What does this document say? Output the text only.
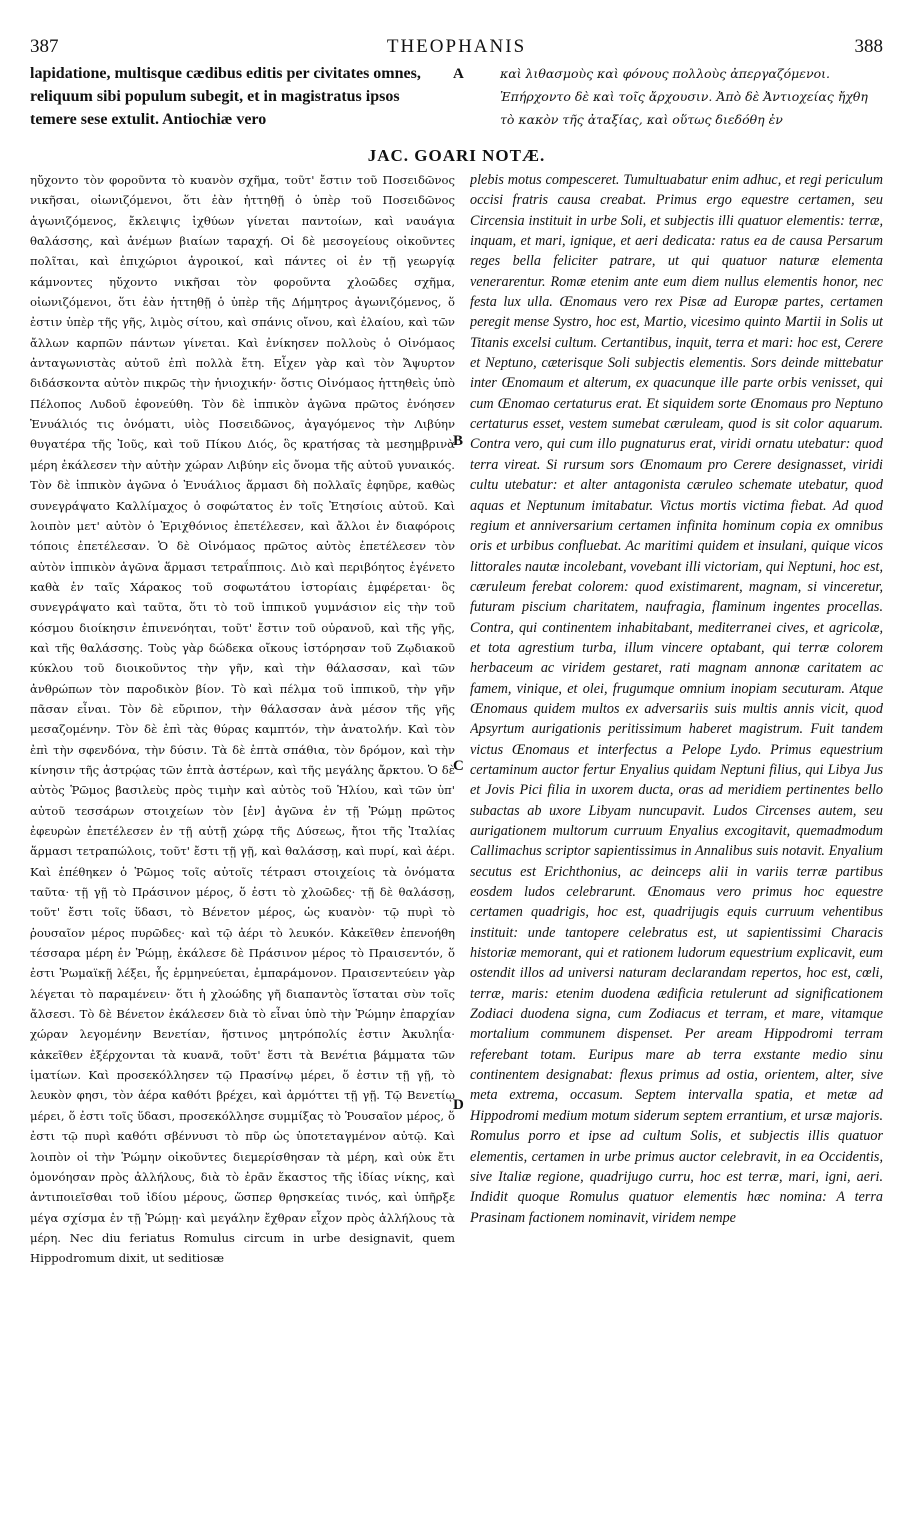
387	THEOPHANIS	388
lapidatione, multisque cædibus editis per civitates omnes, reliquum sibi populum subegit, et in magistratus ipsos temere sese extulit. Antiochiæ vero
καὶ λιθασμοὺς καὶ φόνους πολλοὺς ἀπεργαζόμενοι. Ἐπήρχοντο δὲ καὶ τοῖς ἄρχουσιν. Ἀπὸ δὲ Ἀντιοχείας ἤχθη τὸ κακὸν τῆς ἀταξίας, καὶ οὕτως διεδόθη ἐν
A
B
C
D
JAC. GOARI NOTÆ.
ηὔχοντο τὸν φοροῦντα τὸ κυανὸν σχῆμα, τοῦτ' ἔστιν τοῦ Ποσειδῶνος νικῆσαι, οἰωνιζόμενοι, ὅτι ἐὰν ἡττηθῇ ὁ ὑπὲρ τοῦ Ποσειδῶνος ἀγωνιζόμενος, ἔκλειψις ἰχθύων γίνεται παντοίων, καὶ ναυάγια θαλάσσης, καὶ ἀνέμων βιαίων ταραχή. Οἱ δὲ μεσογείους οἰκοῦντες πολῖται, καὶ ἐπιχώριοι ἀγροικοί, καὶ πάντες οἱ ἐν τῇ γεωργίᾳ κάμνοντες ηὔχοντο νικῆσαι τὸν φοροῦντα χλοῶδες σχῆμα, οἰωνιζόμενοι, ὅτι ἐὰν ἡττηθῇ ὁ ὑπὲρ τῆς Δήμητρος ἀγωνιζόμενος, ὅ ἐστιν ὑπὲρ τῆς γῆς, λιμὸς σίτου, καὶ σπάνις οἴνου, καὶ ἐλαίου, καὶ τῶν ἄλλων καρπῶν πάντων γίνεται. Καὶ ἐνίκησεν πολλοὺς ὁ Οἰνόμαος ἀνταγωνιστὰς αὐτοῦ ἐπὶ πολλὰ ἔτη. Εἶχεν γὰρ καὶ τὸν Ἄψυρτον διδάσκοντα αὐτὸν πικρῶς τὴν ἡνιοχικήν· ὅστις Οἰνόμαος ἡττηθεὶς ὑπὸ Πέλοπος Λυδοῦ ἐφονεύθη. Τὸν δὲ ἱππικὸν ἀγῶνα πρῶτος ἐνόησεν Ἐνυάλιός τις ὀνόματι, υἱὸς Ποσειδῶνος, ἀγαγόμενος τὴν Λιβύην θυγατέρα τῆς Ἰοῦς, καὶ τοῦ Πίκου Διός, ὃς κρατήσας τὰ μεσημβρινὰ μέρη ἐκάλεσεν τὴν αὐτὴν χώραν Λιβύην εἰς ὄνομα τῆς αὐτοῦ γυναικός. Τὸν δὲ ἱππικὸν ἀγῶνα ὁ Ἐνυάλιος ἅρμασι δὴ πολλαῖς ἐφηῦρε, καθὼς συνεγράψατο Καλλίμαχος ὁ σοφώτατος ἐν τοῖς Ἐτησίοις αὐτοῦ. Καὶ λοιπὸν μετ' αὐτὸν ὁ Ἐριχθόνιος ἐπετέλεσεν, καὶ ἄλλοι ἐν διαφόροις τόποις ἐπετέλεσαν. Ὁ δὲ Οἰνόμαος πρῶτος αὐτὸς ἐπετέλεσεν τὸν αὐτὸν ἱππικὸν ἀγῶνα ἅρμασι τετραΐπποις. Διὸ καὶ περιβόητος ἐγένετο καθὰ ἐν ταῖς Χάρακος τοῦ σοφωτάτου ἱστορίαις ἐμφέρεται· ὃς συνεγράψατο καὶ ταῦτα, ὅτι τὸ τοῦ ἱππικοῦ γυμνάσιον εἰς τὴν τοῦ κόσμου διοίκησιν ἐπινενόηται, τοῦτ' ἔστιν τοῦ οὐρανοῦ, καὶ τῆς γῆς, καὶ τῆς θαλάσσης. Τοὺς γὰρ δώδεκα οἴκους ἱστόρησαν τοῦ Ζῳδιακοῦ κύκλου τοῦ διοικοῦντος τὴν γῆν, καὶ τὴν θάλασσαν, καὶ τῶν ἀνθρώπων τὸν παροδικὸν βίον. Τὸ καὶ πέλμα τοῦ ἱππικοῦ, τὴν γῆν πᾶσαν εἶναι. Τὸν δὲ εὔριπον, τὴν θάλασσαν ἀνὰ μέσον τῆς γῆς μεσαζομένην. Τὸν δὲ ἐπὶ τὰς θύρας καμπτόν, τὴν ἀνατολήν. Καὶ τὸν ἐπὶ τὴν σφενδόνα, τὴν δύσιν. Τὰ δὲ ἑπτὰ σπάθια, τὸν δρόμον, καὶ τὴν κίνησιν τῆς ἀστρῴας τῶν ἑπτὰ ἀστέρων, καὶ τῆς μεγάλης ἄρκτου. Ὁ δὲ αὐτὸς Ῥῶμος βασιλεὺς πρὸς τιμὴν καὶ αὐτὸς τοῦ Ἡλίου, καὶ τῶν ὑπ' αὐτοῦ τεσσάρων στοιχείων τὸν [ἐν] ἀγῶνα ἐν τῇ Ῥώμῃ πρῶτος ἐφευρὼν ἐπετέλεσεν ἐν τῇ αὐτῇ χώρᾳ τῆς Δύσεως, ἤτοι τῆς Ἰταλίας ἅρμασι τετραπώλοις, τοῦτ' ἔστι τῇ γῇ, καὶ θαλάσσῃ, καὶ πυρί, καὶ ἀέρι. Καὶ ἐπέθηκεν ὁ Ῥῶμος τοῖς αὐτοῖς τέτρασι στοιχείοις τὰ ὀνόματα ταῦτα· τῇ γῇ τὸ Πράσινον μέρος, ὅ ἐστι τὸ χλοῶδες· τῇ δὲ θαλάσσῃ, τοῦτ' ἔστι τοῖς ὕδασι, τὸ Βένετον μέρος, ὡς κυανὸν· τῷ πυρὶ τὸ ῥουσαῖον μέρος πυρῶδες· καὶ τῷ ἀέρι τὸ λευκόν. Κἀκεῖθεν ἐπενοήθη τέσσαρα μέρη ἐν Ῥώμῃ, ἐκάλεσε δὲ Πράσινον μέρος τὸ Πραισεντόν, ὅ ἐστι Ῥωμαϊκῇ λέξει, ἧς ἑρμηνεύεται, ἐμπαράμονον. Πραισεντεύειν γὰρ λέγεται τὸ παραμένειν· ὅτι ἡ χλοώδης γῆ διαπαντὸς ἵσταται σὺν τοῖς ἄλσεσι. Τὸ δὲ Βένετον ἐκάλεσεν διὰ τὸ εἶναι ὑπὸ τὴν Ῥώμην ἐπαρχίαν χώραν λεγομένην Βενετίαν, ἥστινος μητρόπολίς ἐστιν Ἀκυληΐα· κἀκεῖθεν ἐξέρχονται τὰ κυανᾶ, τοῦτ' ἔστι τὰ Βενέτια βάμματα τῶν ἱματίων. Καὶ προσεκόλλησεν τῷ Πρασίνῳ μέρει, ὅ ἐστιν τῇ γῇ, τὸ λευκὸν φησι, τὸν ἀέρα καθότι βρέχει, καὶ ἀρμόττει τῇ γῇ. Τῷ Βενετίῳ μέρει, ὅ ἐστι τοῖς ὕδασι, προσεκόλλησε συμμίξας τὸ Ῥουσαῖον μέρος, ὅ ἐστι τῷ πυρὶ καθότι σβέννυσι τὸ πῦρ ὡς ὑποτεταγμένον αὐτῷ. Καὶ λοιπὸν οἱ τὴν Ῥώμην οἰκοῦντες διεμερίσθησαν τὰ μέρη, καὶ οὐκ ἔτι ὁμονόησαν πρὸς ἀλλήλους, διὰ τὸ ἐρᾶν ἕκαστος τῆς ἰδίας νίκης, καὶ ἀντιποιεῖσθαι τοῦ ἰδίου μέρους, ὥσπερ θρησκείας τινός, καὶ ὑπῆρξε μέγα σχίσμα ἐν τῇ Ῥώμῃ· καὶ μεγάλην ἔχθραν εἶχον πρὸς ἀλλήλους τὰ μέρη. Nec diu feriatus Romulus circum in urbe designavit, quem Hippodromum dixit, ut seditiosæ
plebis motus compesceret. Tumultuabatur enim adhuc, et regi periculum occisi fratris causa creabat. Primus ergo equestre certamen, seu Circensia instituit in urbe Soli, et subjectis illi quatuor elementis: terræ, inquam, et mari, ignique, et aeri dedicata: ratus ea de causa Persarum reges bella feliciter patrare, ut qui quatuor naturæ elementa venerarentur. Romæ etenim ante eum diem nullus elementis honor, nec festa lux ulla. Œnomaus vero rex Pisæ ad Europæ partes, certamen peregit mense Systro, hoc est, Martio, vicesimo quinto Martii in Solis ut Titanis excelsi cultum. Certantibus, inquit, terra et mari: hoc est, Cerere et Neptuno, cæterisque Soli subjectis elementis. Sors deinde mittebatur inter Œnomaum et alterum, ex quacunque ille parte orbis venisset, qui cum Œnomao certaturus erat. Et siquidem sorte Œnomaus pro Neptuno certaturus esset, vestem sumebat cæruleam, quod is sit color aquarum. Contra vero, qui cum illo pugnaturus erat, viridi ornatu utebatur: quod terra vireat. Si rursum sors Œnomaum pro Cerere designasset, viridi cultu utebatur: et alter antagonista cæruleo schemate utebatur, quod aquas et Neptunum imitabatur. Victus mortis victima fiebat. Ad quod regium et anniversarium certamen infinita hominum copia ex omnibus oris et urbibus confluebat. Ac maritimi quidem et insulani, quique vicos littorales nautæ incolebant, vovebant illi victoriam, qui Neptuni, hoc est, cæruleum ferebat colorem: quod existimarent, magnam, si vinceretur, futuram piscium charitatem, naufragia, flaminum ingentes procellas. Contra, qui continentem inhabitabant, mediterranei cives, et agricolæ, et tota agrestium turba, illum vincere optabant, qui terræ colorem herbaceum ac viridem gestaret, rati magnam annonæ caritatem ac famem, vinique, et olei, frugumque omnium inopiam secuturam. Atque Œnomaus quidem multos ex adversariis suis multis annis vicit, quod Apsyrtum aurigationis peritissimum haberet magistrum. Fuit tandem victus Œnomaus et interfectus a Pelope Lydo. Primus equestrium certaminum auctor fertur Enyalius quidam Neptuni filius, qui Libya Jus et Jovis Pici filia in uxorem ducta, oras ad meridiem pertinentes bello subactas ab uxore Libyam nuncupavit. Ludos Circenses autem, seu aurigationem multorum curruum Enyalius excogitavit, quemadmodum Callimachus scriptor sapientissimus in Annalibus suis notavit. Enyalium secutus est Erichthonius, ac deinceps alii in variis terræ partibus eosdem ludos celebrarunt. Œnomaus vero primus hoc equestre certamen quadrigis, hoc est, quadrijugis equis curruum vehentibus instituit: unde tantopere celebratus est, ut sapientissimi Characis historiæ memorant, qui et rationem ludorum equestrium explicavit, eum ostendit illos ad universi naturam declarandam repertos, hoc est, cœli, terræ, maris: etenim duodena ædificia retulerunt ad significationem Zodiaci duodena signa, cum Zodiacus et terram, et mare, vitamque mortalium communem dispenset. Per aream Hippodromi terram referebant totam. Euripus mare ab terra exstante medio sinu continentem designabat: flexus primus ad ostia, orientem, alter, sive meta extrema, occasum. Septem intervalla spatia, et metæ ad Hippodromi medium motum siderum septem errantium, et ursæ majoris. Romulus porro et ipse ad cultum Solis, et subjectis illis quatuor elementis, certamen in urbe primus auctor celebravit, in ea Occidentis, sive Italiæ regione, quadrijugo curru, hoc est terræ, mari, igni, aeri. Indidit quoque Romulus quatuor elementis hæc nomina: A terra Prasinam factionem nominavit, viridem nempe
